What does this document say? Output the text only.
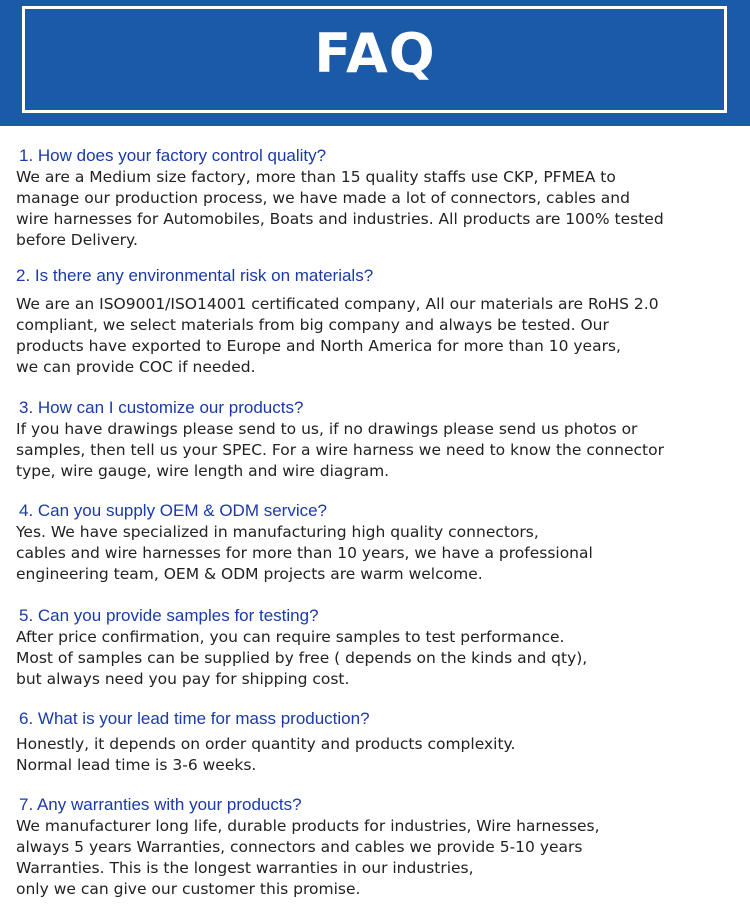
FAQ

1. How does your factory control quality?

We are a Medium size factory, more than 15 quality staffs use CKP, PFMEA to
manage our production process, we have made a lot of connectors, cables and
wire harnesses for Automobiles, Boats and industries. All products are 100% tested
before Delivery.

2. Is there any environmental risk on materials?

We are an ISO9001/ISO14001 certificated company, All our materials are RoHS 2.0
compliant, we select materials from big company and always be tested. Our
products have exported to Europe and North America for more than 10 years,
we can provide COC if needed.

3. How can I customize our products?

If you have drawings please send to us, if no drawings please send us photos or
samples, then tell us your SPEC. For a wire harness we need to know the connector
type, wire gauge, wire length and wire diagram.

4. Can you supply OEM & ODM service?

Yes. We have specialized in manufacturing high quality connectors,
cables and wire harnesses for more than 10 years, we have a professional
engineering team, OEM & ODM projects are warm welcome.

5. Can you provide samples for testing?

After price confirmation, you can require samples to test performance.
Most of samples can be supplied by free ( depends on the kinds and qty),
but always need you pay for shipping cost.

6. What is your lead time for mass production?

Honestly, it depends on order quantity and products complexity.
Normal lead time is 3-6 weeks.

7. Any warranties with your products?

We manufacturer long life, durable products for industries, Wire harnesses,
always 5 years Warranties, connectors and cables we provide 5-10 years
Warranties. This is the longest warranties in our industries,
only we can give our customer this promise.
